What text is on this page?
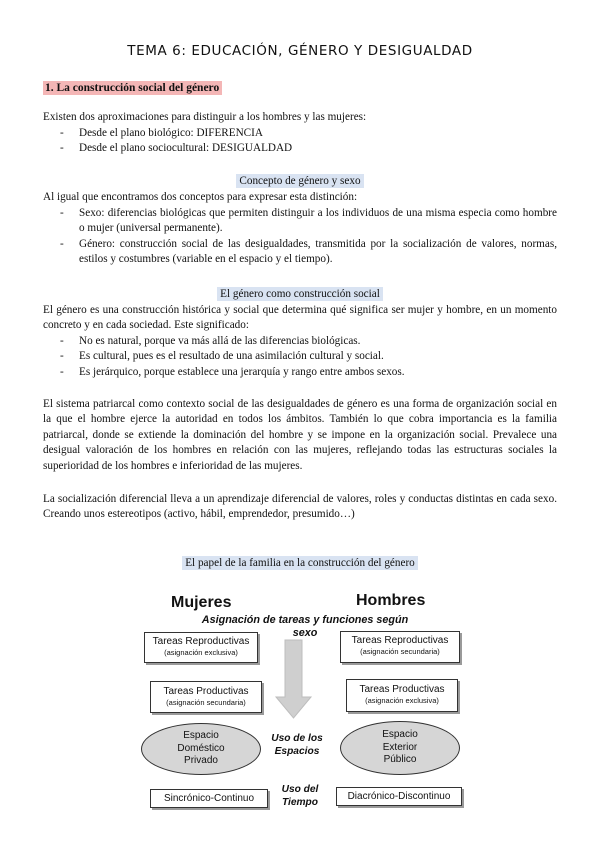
TEMA 6: EDUCACIÓN, GÉNERO Y DESIGUALDAD
1. La construcción social del género

Existen dos aproximaciones para distinguir a los hombres y las mujeres:

- Desde el plano biológico: DIFERENCIA
- Desde el plano sociocultural: DESIGUALDAD
Concepto de género y sexo

Al igual que encontramos dos conceptos para expresar esta distinción:

- Sexo: diferencias biológicas que permiten distinguir a los individuos de una misma especia como hombre o mujer (universal permanente).
- Género: construcción social de las desigualdades, transmitida por la socialización de valores, normas, estilos y costumbres (variable en el espacio y el tiempo).
El género como construcción social

El género es una construcción histórica y social que determina qué significa ser mujer y hombre, en un momento concreto y en cada sociedad. Este significado:

- No es natural, porque va más allá de las diferencias biológicas.
- Es cultural, pues es el resultado de una asimilación cultural y social.
- Es jerárquico, porque establece una jerarquía y rango entre ambos sexos.

El sistema patriarcal como contexto social de las desigualdades de género es una forma de organización social en la que el hombre ejerce la autoridad en todos los ámbitos. También lo que cobra importancia es la familia patriarcal, donde se extiende la dominación del hombre y se impone en la organización social. Prevalece una desigual valoración de los hombres en relación con las mujeres, reflejando todas las estructuras sociales la superioridad de los hombres e inferioridad de las mujeres.

La socialización diferencial lleva a un aprendizaje diferencial de valores, roles y conductas distintas en cada sexo. Creando unos estereotipos (activo, hábil, emprendedor, presumido…)

El papel de la familia en la construcción del género
Mujeres	Hombres
Asignación de tareas y funciones según sexo
Tareas Reproductivas
(asignación exclusiva)
Tareas Reproductivas
(asignación secundaria)
Tareas Productivas
(asignación secundaria)
Tareas Productivas
(asignación exclusiva)
Espacio
Doméstico
Privado
Espacio
Exterior
Público
Uso de los
Espacios
Uso del
Tiempo
Sincrónico-Continuo	Diacrónico-Discontinuo
